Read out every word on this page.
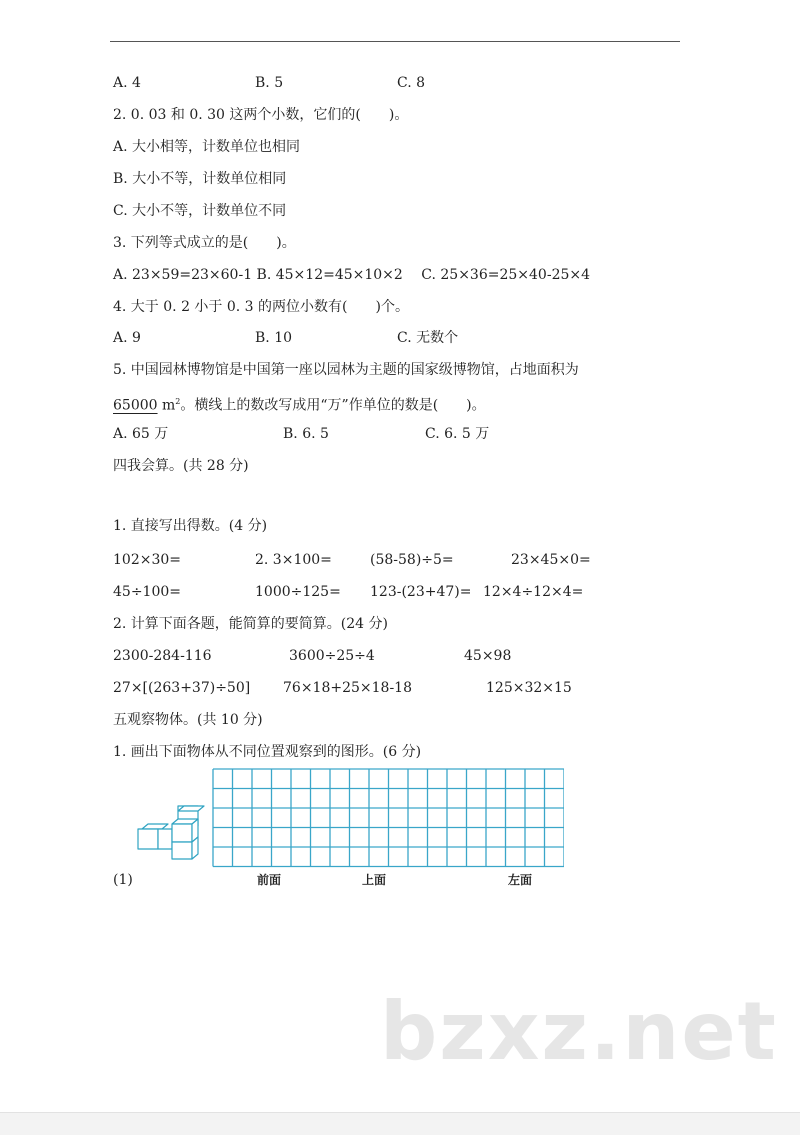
A. 4	B. 5	C. 8
2. 0. 03 和 0. 30 这两个小数，它们的(　　)。
A. 大小相等，计数单位也相同
B. 大小不等，计数单位相同
C. 大小不等，计数单位不同
3. 下列等式成立的是(　　)。
A. 23×59=23×60-1 B. 45×12=45×10×2　 C. 25×36=25×40-25×4
4. 大于 0. 2 小于 0. 3 的两位小数有(　　)个。
A. 9	B. 10	C. 无数个
5. 中国园林博物馆是中国第一座以园林为主题的国家级博物馆，占地面积为
65000 $m^2$。横线上的数改写成用“万”作单位的数是(　　)。
A. 65 万	B. 6. 5	C. 6. 5 万
四我会算。(共 28 分)
1. 直接写出得数。(4 分)
102×30=	2. 3×100=	(58-58)÷5=	23×45×0=
45÷100=	1000÷125= 123-(23+47)= 12×4÷12×4=
2. 计算下面各题，能简算的要简算。(24 分)
2300-284-116	3600÷25÷4	45×98
27×[(263+37)÷50] 76×18+25×18-18	125×32×15
五观察物体。(共 10 分)
1. 画出下面物体从不同位置观察到的图形。(6 分)
(1)	前面	上面	左面
bzxz.net
